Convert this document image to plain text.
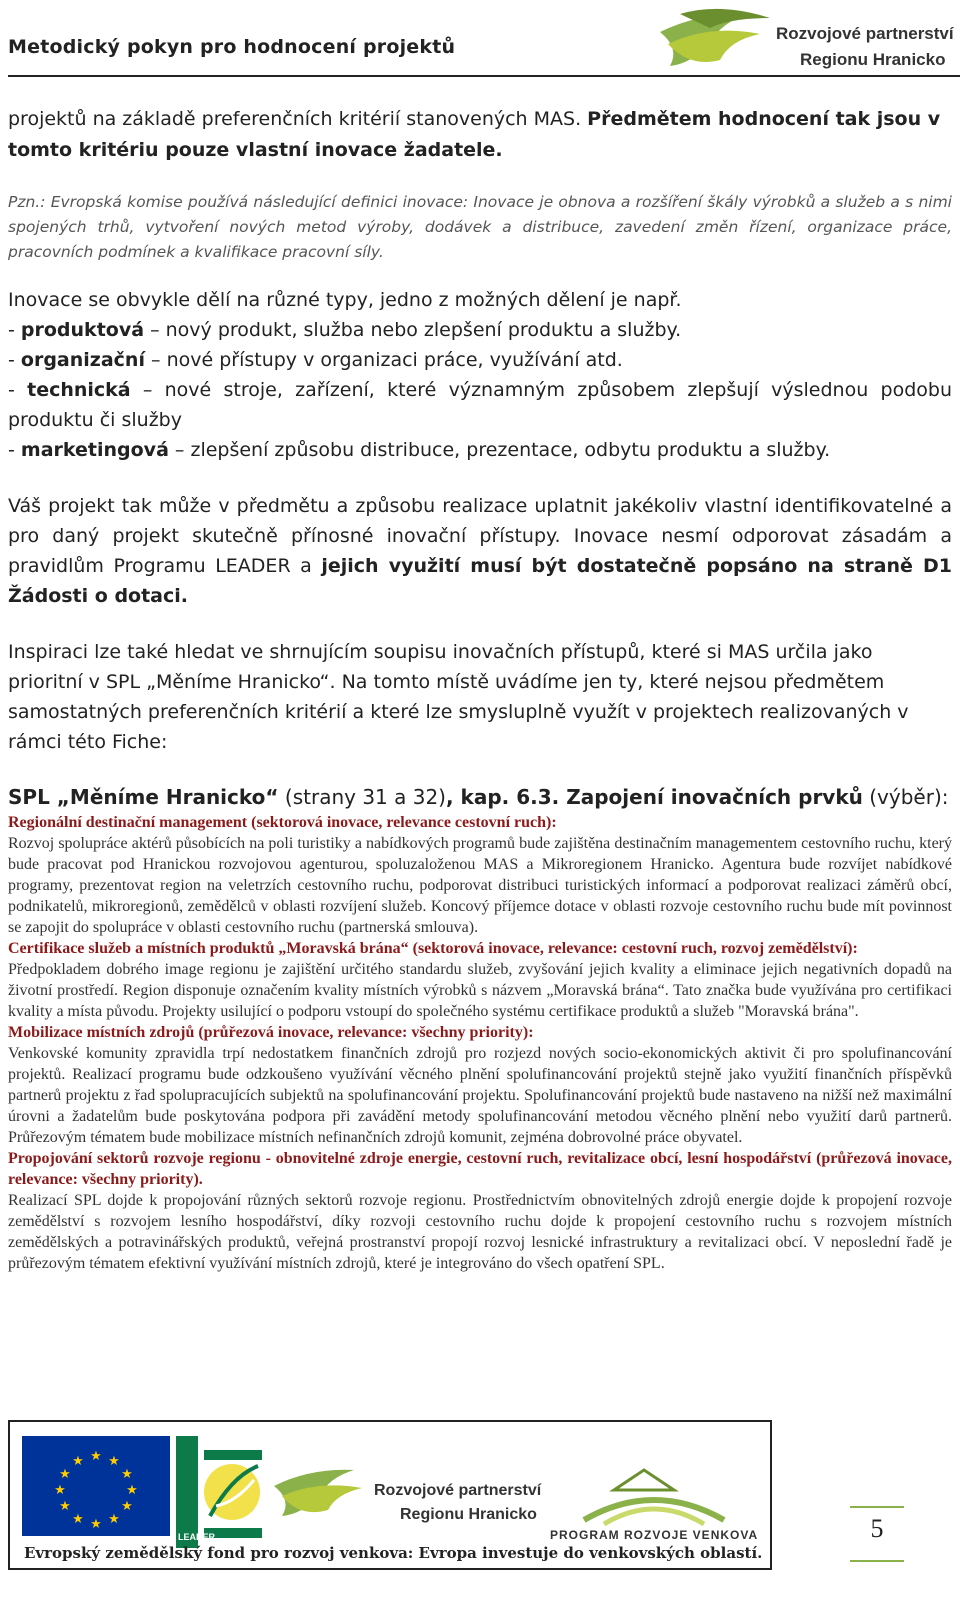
Metodický pokyn pro hodnocení projektů
Rozvojové partnerství
Regionu Hranicko

projektů na základě preferenčních kritérií stanovených MAS. Předmětem hodnocení tak jsou v tomto kritériu pouze vlastní inovace žadatele.

Pzn.: Evropská komise používá následující definici inovace: Inovace je obnova a rozšíření škály výrobků a služeb a s nimi spojených trhů, vytvoření nových metod výroby, dodávek a distribuce, zavedení změn řízení, organizace práce, pracovních podmínek a kvalifikace pracovní síly.

Inovace se obvykle dělí na různé typy, jedno z možných dělení je např.
- produktová – nový produkt, služba nebo zlepšení produktu a služby.
- organizační – nové přístupy v organizaci práce, využívání atd.
- technická – nové stroje, zařízení, které významným způsobem zlepšují výslednou podobu produktu či služby
- marketingová – zlepšení způsobu distribuce, prezentace, odbytu produktu a služby.

Váš projekt tak může v předmětu a způsobu realizace uplatnit jakékoliv vlastní identifikovatelné a pro daný projekt skutečně přínosné inovační přístupy. Inovace nesmí odporovat zásadám a pravidlům Programu LEADER a jejich využití musí být dostatečně popsáno na straně D1 Žádosti o dotaci.

Inspiraci lze také hledat ve shrnujícím soupisu inovačních přístupů, které si MAS určila jako prioritní v SPL „Měníme Hranicko“. Na tomto místě uvádíme jen ty, které nejsou předmětem samostatných preferenčních kritérií a které lze smysluplně využít v projektech realizovaných v rámci této Fiche:

SPL „Měníme Hranicko“ (strany 31 a 32), kap. 6.3. Zapojení inovačních prvků (výběr):

Regionální destinační management (sektorová inovace, relevance cestovní ruch):
Rozvoj spolupráce aktérů působících na poli turistiky a nabídkových programů bude zajištěna destinačním managementem cestovního ruchu, který bude pracovat pod Hranickou rozvojovou agenturou, spoluzaloženou MAS a Mikroregionem Hranicko. Agentura bude rozvíjet nabídkové programy, prezentovat region na veletrzích cestovního ruchu, podporovat distribuci turistických informací a podporovat realizaci záměrů obcí, podnikatelů, mikroregionů, zemědělců v oblasti rozvíjení služeb. Koncový příjemce dotace v oblasti rozvoje cestovního ruchu bude mít povinnost se zapojit do spolupráce v oblasti cestovního ruchu (partnerská smlouva).
Certifikace služeb a místních produktů „Moravská brána“ (sektorová inovace, relevance: cestovní ruch, rozvoj zemědělství):
Předpokladem dobrého image regionu je zajištění určitého standardu služeb, zvyšování jejich kvality a eliminace jejich negativních dopadů na životní prostředí. Region disponuje označením kvality místních výrobků s názvem „Moravská brána“. Tato značka bude využívána pro certifikaci kvality a místa původu. Projekty usilující o podporu vstoupí do společného systému certifikace produktů a služeb "Moravská brána".
Mobilizace místních zdrojů (průřezová inovace, relevance: všechny priority):
Venkovské komunity zpravidla trpí nedostatkem finančních zdrojů pro rozjezd nových socio-ekonomických aktivit či pro spolufinancování projektů. Realizací programu bude odzkoušeno využívání věcného plnění spolufinancování projektů stejně jako využití finančních příspěvků partnerů projektu z řad spolupracujících subjektů na spolufinancování projektu. Spolufinancování projektů bude nastaveno na nižší než maximální úrovni a žadatelům bude poskytována podpora při zavádění metody spolufinancování metodou věcného plnění nebo využití darů partnerů. Průřezovým tématem bude mobilizace místních nefinančních zdrojů komunit, zejména dobrovolné práce obyvatel.
Propojování sektorů rozvoje regionu - obnovitelné zdroje energie, cestovní ruch, revitalizace obcí, lesní hospodářství (průřezová inovace, relevance: všechny priority).
Realizací SPL dojde k propojování různých sektorů rozvoje regionu. Prostřednictvím obnovitelných zdrojů energie dojde k propojení rozvoje zemědělství s rozvojem lesního hospodářství, díky rozvoji cestovního ruchu dojde k propojení cestovního ruchu s rozvojem místních zemědělských a potravinářských produktů, veřejná prostranství propojí rozvoj lesnické infrastruktury a revitalizaci obcí. V neposlední řadě je průřezovým tématem efektivní využívání místních zdrojů, které je integrováno do všech opatření SPL.
★ ★
★
★
★
★
★
★
★
★
★
★
LEADER
Rozvojové partnerství
Regionu Hranicko
PROGRAM ROZVOJE VENKOVA
Evropský zemědělský fond pro rozvoj venkova: Evropa investuje do venkovských oblastí.
5
